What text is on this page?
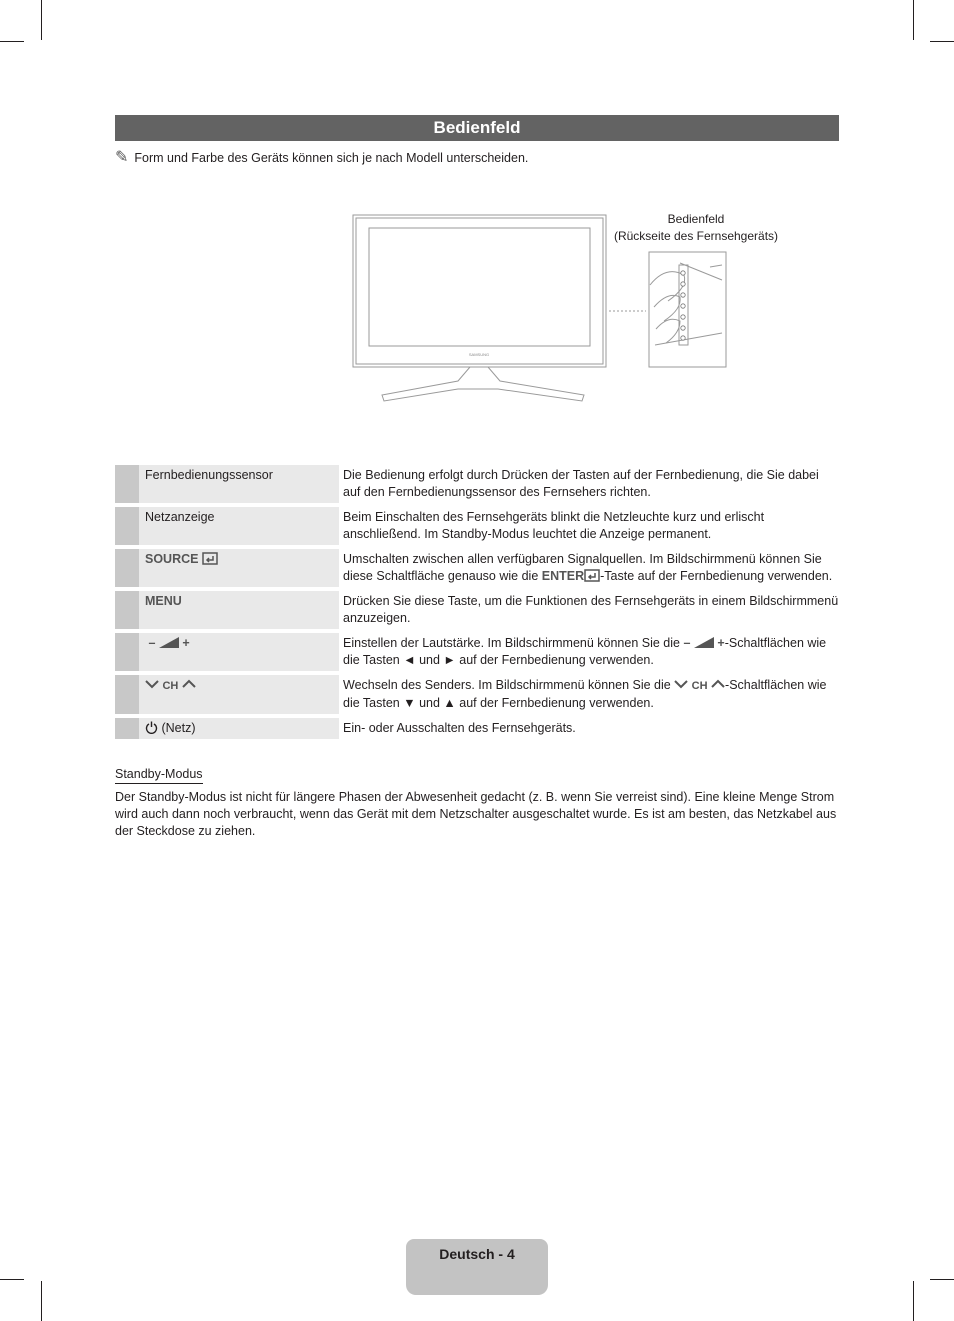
Bedienfeld
✎ Form und Farbe des Geräts können sich je nach Modell unterscheiden.
SAMSUNG
Bedienfeld
(Rückseite des Fernsehgeräts)
	Fernbedienungssensor	Die Bedienung erfolgt durch Drücken der Tasten auf der Fernbedienung, die Sie dabei auf den Fernbedienungssensor des Fernsehers richten.
	Netzanzeige	Beim Einschalten des Fernsehgeräts blinkt die Netzleuchte kurz und erlischt anschließend. Im Standby-Modus leuchtet die Anzeige permanent.
	SOURCE	Umschalten zwischen allen verfügbaren Signalquellen. Im Bildschirmmenü können Sie diese Schaltfläche genauso wie die ENTER -Taste auf der Fernbedienung verwenden.
	MENU	Drücken Sie diese Taste, um die Funktionen des Fernsehgeräts in einem Bildschirmmenü anzuzeigen.
	– +	Einstellen der Lautstärke. Im Bildschirmmenü können Sie die – +-Schaltflächen wie die Tasten ◄ und ► auf der Fernbedienung verwenden.
	CH	Wechseln des Senders. Im Bildschirmmenü können Sie die  CH -Schaltflächen wie die Tasten ▼ und ▲ auf der Fernbedienung verwenden.
	(Netz)	Ein- oder Ausschalten des Fernsehgeräts.
Standby-Modus
Der Standby-Modus ist nicht für längere Phasen der Abwesenheit gedacht (z. B. wenn Sie verreist sind). Eine kleine Menge Strom wird auch dann noch verbraucht, wenn das Gerät mit dem Netzschalter ausgeschaltet wurde. Es ist am besten, das Netzkabel aus der Steckdose zu ziehen.
Deutsch - 4
